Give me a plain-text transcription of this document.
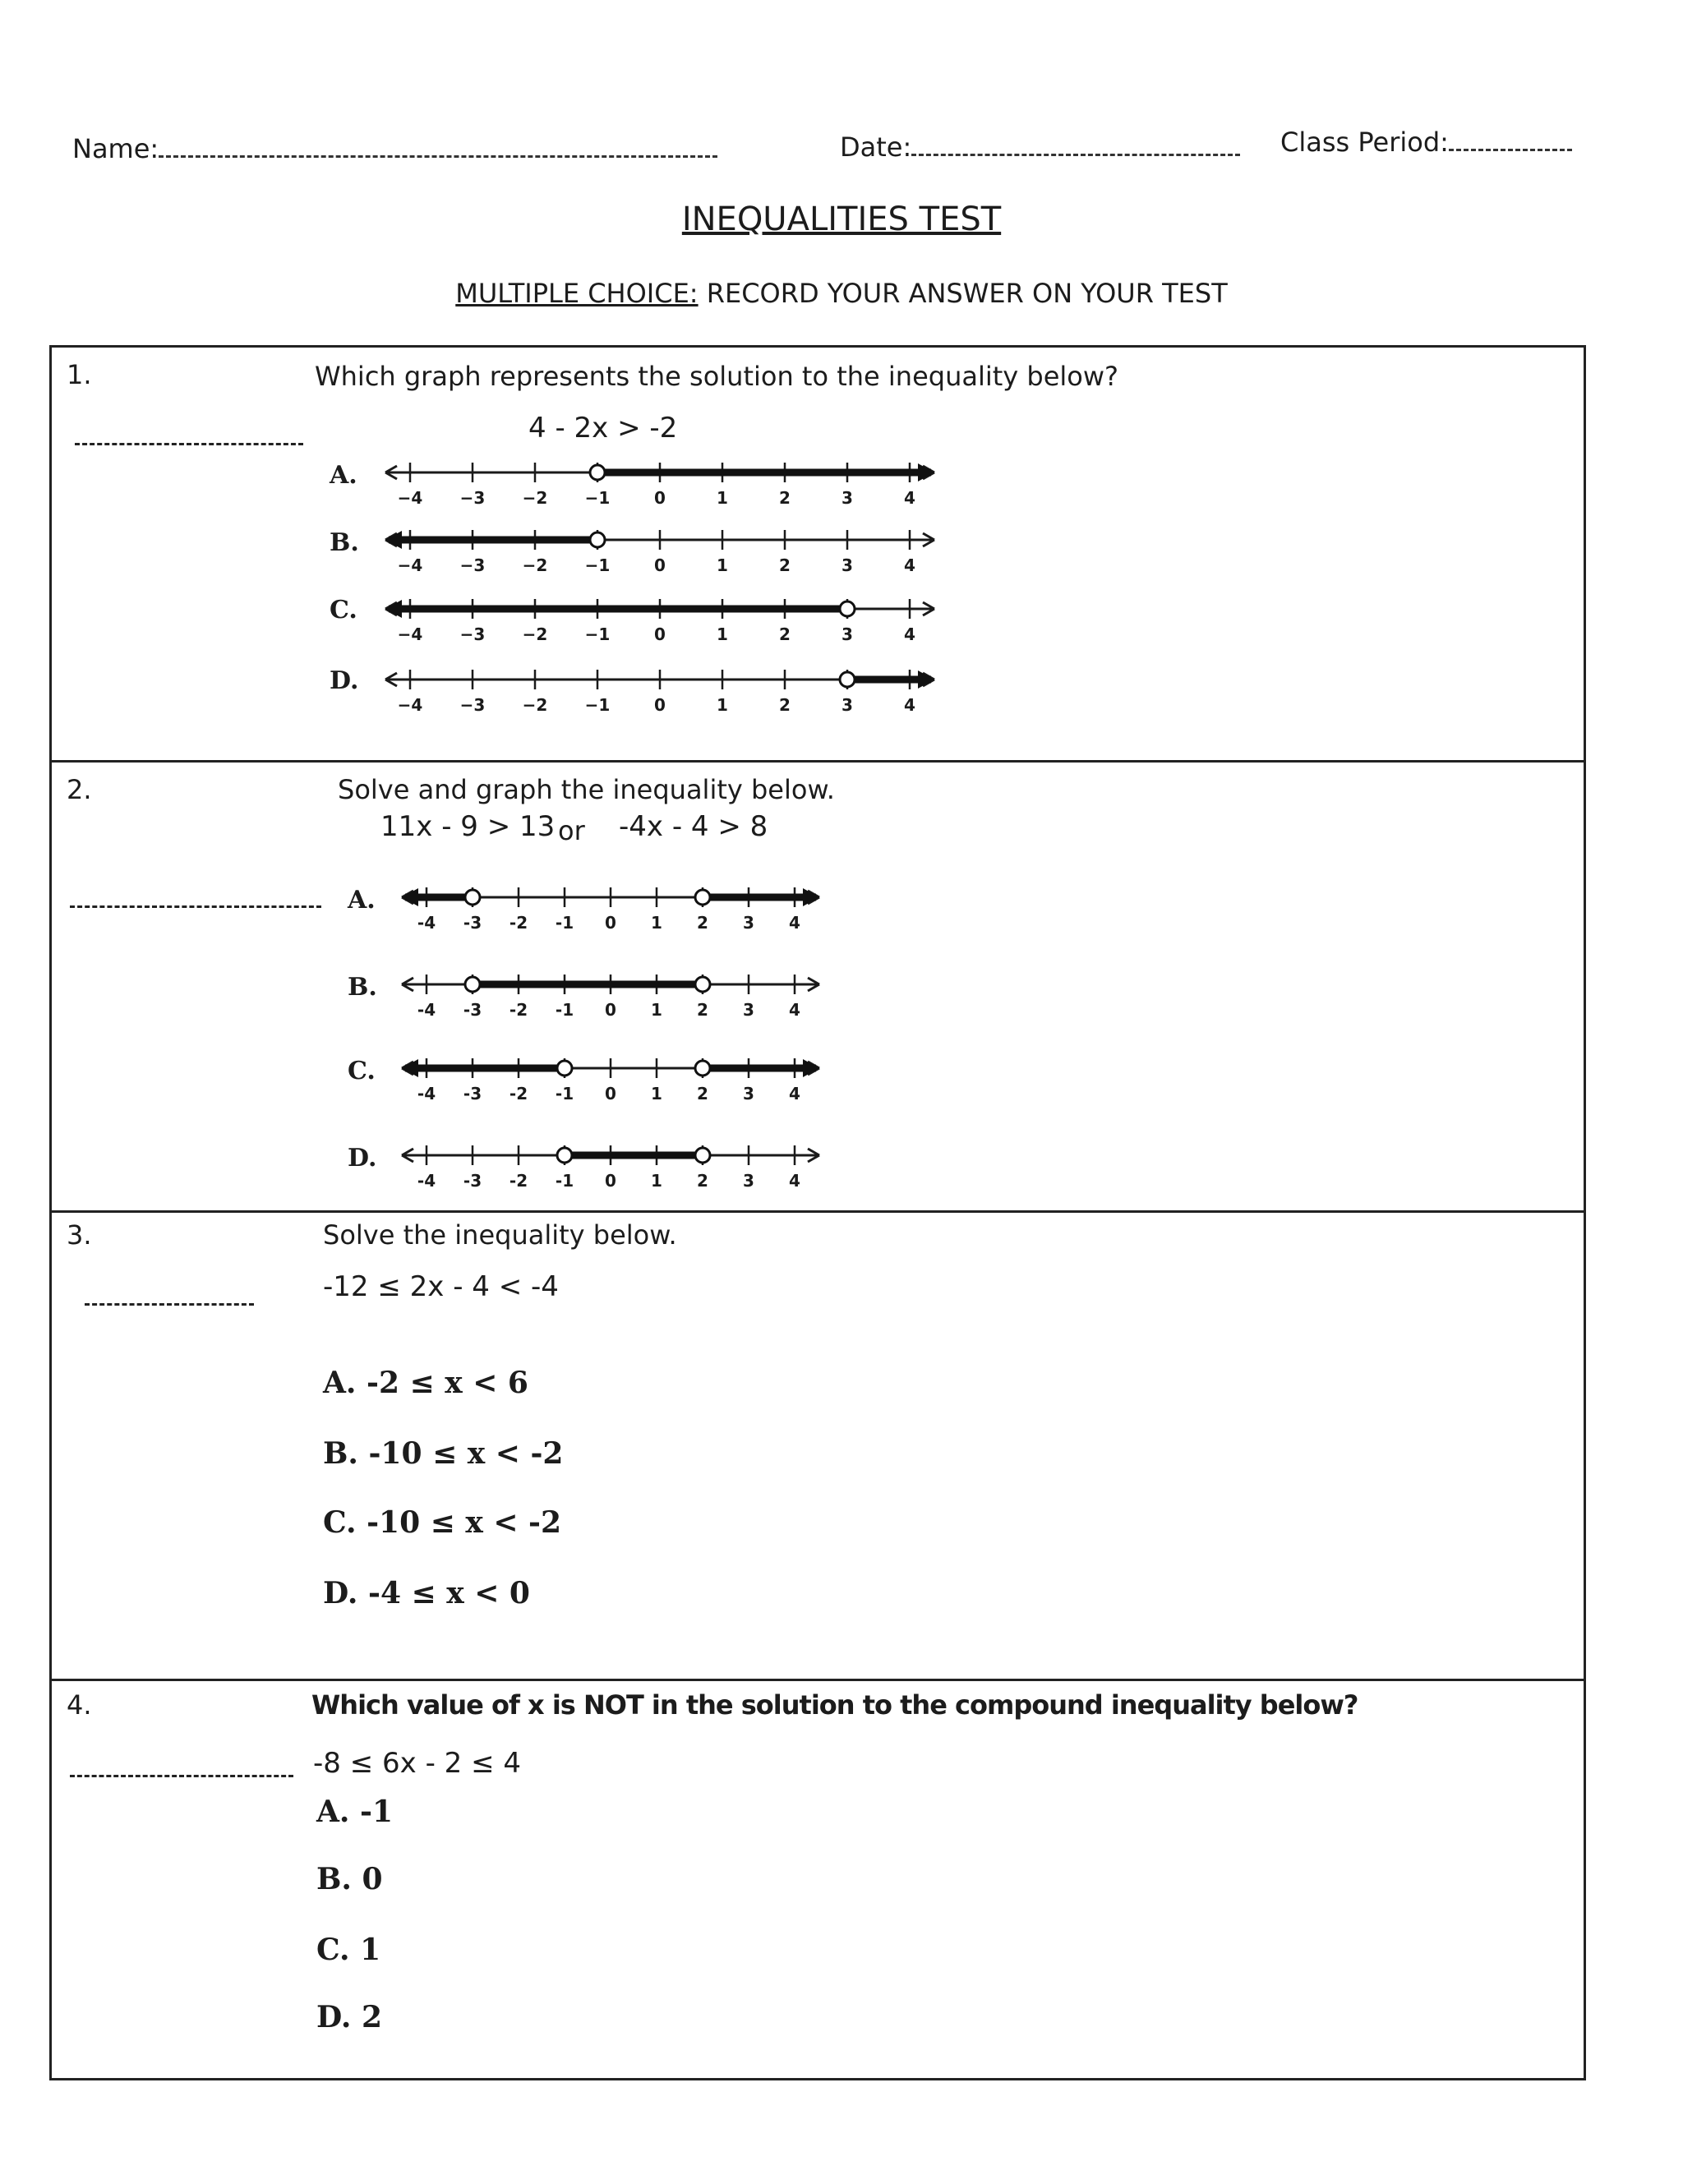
Name:	Date:	Class Period:
INEQUALITIES TEST
MULTIPLE CHOICE: RECORD YOUR ANSWER ON YOUR TEST
1.	Which graph represents the solution to the inequality below?
4 - 2x > -2
A.
B.
C.
D.
−4 −3 −2 −1	0	1	2	3	4
−4 −3 −2 −1	0	1	2	3	4
−4 −3 −2 −1	0	1	2	3	4
−4 −3 −2 −1	0	1	2	3	4
2.	Solve and graph the inequality below.
11x - 9 > 13 or -4x - 4 > 8
A.
B.
C.
D.
-4 -3 -2 -1 0 1 2 3 4
-4 -3 -2 -1 0 1 2 3 4
-4 -3 -2 -1 0 1 2 3 4
-4 -3 -2 -1 0 1 2 3 4
3.	Solve the inequality below.
-12 ≤ 2x - 4 < -4
A. -2 ≤ x < 6
B. -10 ≤ x < -2
C. -10 ≤ x < -2
D. -4 ≤ x < 0
4.	Which value of x is NOT in the solution to the compound inequality below?
-8 ≤ 6x - 2 ≤ 4
A. -1
B. 0
C. 1
D. 2
